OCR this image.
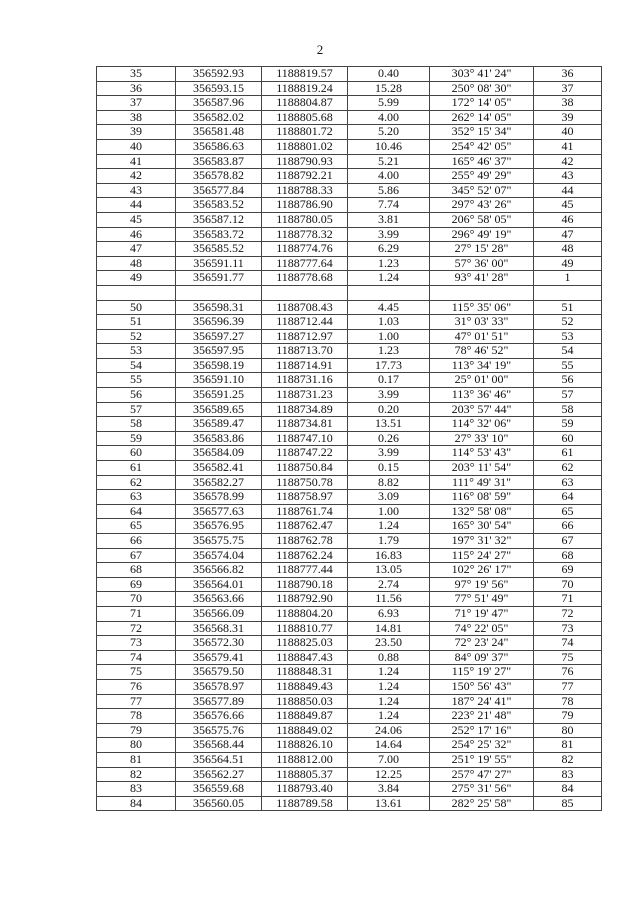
2
35	356592.93	1188819.57	0.40	303° 41' 24"	36
36	356593.15	1188819.24	15.28	250° 08' 30"	37
37	356587.96	1188804.87	5.99	172° 14' 05"	38
38	356582.02	1188805.68	4.00	262° 14' 05"	39
39	356581.48	1188801.72	5.20	352° 15' 34"	40
40	356586.63	1188801.02	10.46	254° 42' 05"	41
41	356583.87	1188790.93	5.21	165° 46' 37"	42
42	356578.82	1188792.21	4.00	255° 49' 29"	43
43	356577.84	1188788.33	5.86	345° 52' 07"	44
44	356583.52	1188786.90	7.74	297° 43' 26"	45
45	356587.12	1188780.05	3.81	206° 58' 05"	46
46	356583.72	1188778.32	3.99	296° 49' 19"	47
47	356585.52	1188774.76	6.29	27° 15' 28"	48
48	356591.11	1188777.64	1.23	57° 36' 00"	49
49	356591.77	1188778.68	1.24	93° 41' 28"	1

50	356598.31	1188708.43	4.45	115° 35' 06"	51
51	356596.39	1188712.44	1.03	31° 03' 33"	52
52	356597.27	1188712.97	1.00	47° 01' 51"	53
53	356597.95	1188713.70	1.23	78° 46' 52"	54
54	356598.19	1188714.91	17.73	113° 34' 19"	55
55	356591.10	1188731.16	0.17	25° 01' 00"	56
56	356591.25	1188731.23	3.99	113° 36' 46"	57
57	356589.65	1188734.89	0.20	203° 57' 44"	58
58	356589.47	1188734.81	13.51	114° 32' 06"	59
59	356583.86	1188747.10	0.26	27° 33' 10"	60
60	356584.09	1188747.22	3.99	114° 53' 43"	61
61	356582.41	1188750.84	0.15	203° 11' 54"	62
62	356582.27	1188750.78	8.82	111° 49' 31"	63
63	356578.99	1188758.97	3.09	116° 08' 59"	64
64	356577.63	1188761.74	1.00	132° 58' 08"	65
65	356576.95	1188762.47	1.24	165° 30' 54"	66
66	356575.75	1188762.78	1.79	197° 31' 32"	67
67	356574.04	1188762.24	16.83	115° 24' 27"	68
68	356566.82	1188777.44	13.05	102° 26' 17"	69
69	356564.01	1188790.18	2.74	97° 19' 56"	70
70	356563.66	1188792.90	11.56	77° 51' 49"	71
71	356566.09	1188804.20	6.93	71° 19' 47"	72
72	356568.31	1188810.77	14.81	74° 22' 05"	73
73	356572.30	1188825.03	23.50	72° 23' 24"	74
74	356579.41	1188847.43	0.88	84° 09' 37"	75
75	356579.50	1188848.31	1.24	115° 19' 27"	76
76	356578.97	1188849.43	1.24	150° 56' 43"	77
77	356577.89	1188850.03	1.24	187° 24' 41"	78
78	356576.66	1188849.87	1.24	223° 21' 48"	79
79	356575.76	1188849.02	24.06	252° 17' 16"	80
80	356568.44	1188826.10	14.64	254° 25' 32"	81
81	356564.51	1188812.00	7.00	251° 19' 55"	82
82	356562.27	1188805.37	12.25	257° 47' 27"	83
83	356559.68	1188793.40	3.84	275° 31' 56"	84
84	356560.05	1188789.58	13.61	282° 25' 58"	85
